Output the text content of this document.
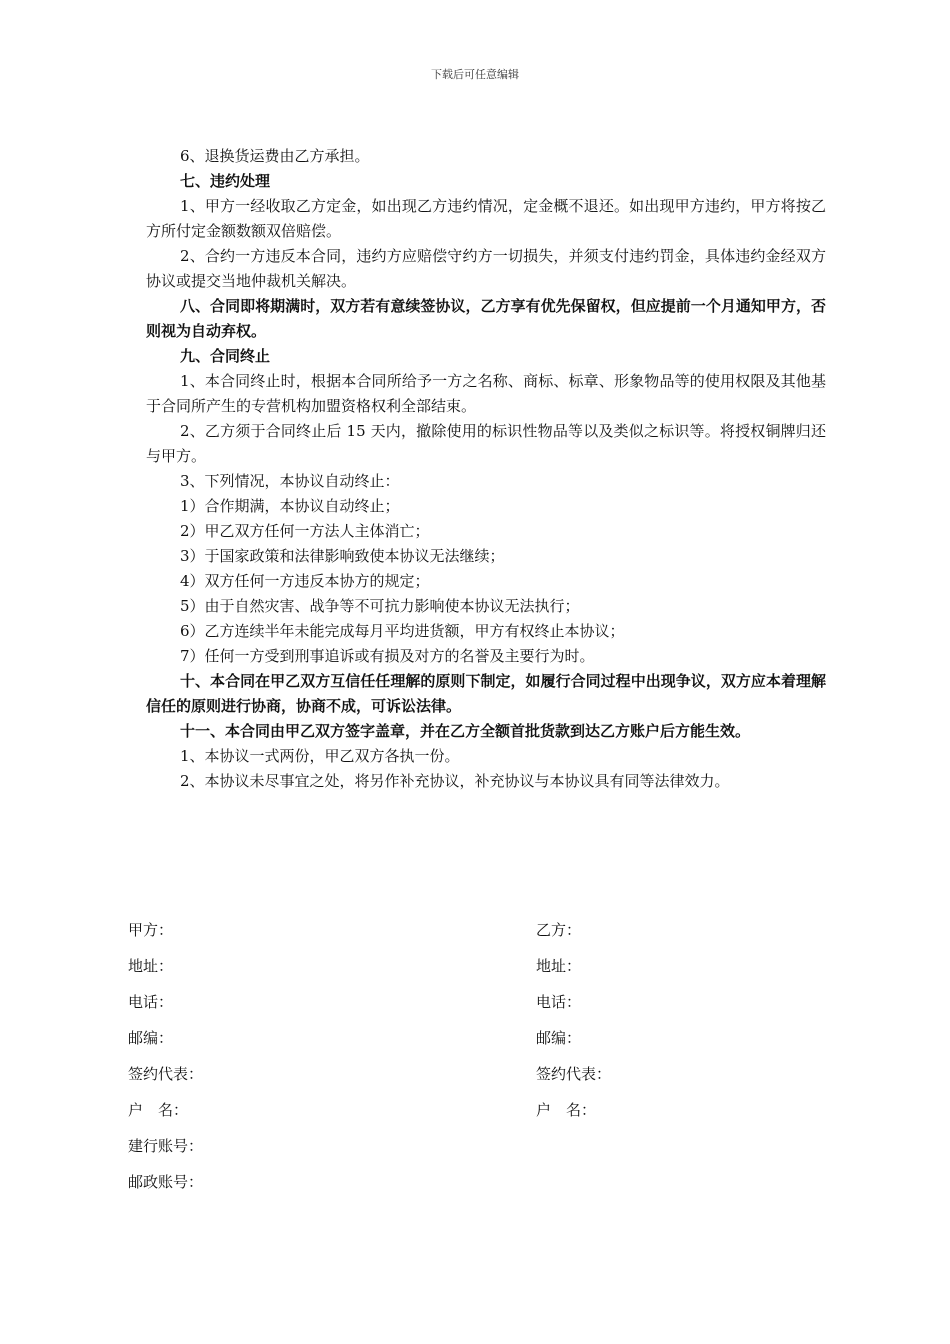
下载后可任意编辑

6、退换货运费由乙方承担。

七、违约处理

1、甲方一经收取乙方定金，如出现乙方违约情况，定金概不退还。如出现甲方违约，甲方将按乙方所付定金额数额双倍赔偿。

2、合约一方违反本合同，违约方应赔偿守约方一切损失，并须支付违约罚金，具体违约金经双方协议或提交当地仲裁机关解决。

八、合同即将期满时，双方若有意续签协议，乙方享有优先保留权，但应提前一个月通知甲方，否则视为自动弃权。

九、合同终止

1、本合同终止时，根据本合同所给予一方之名称、商标、标章、形象物品等的使用权限及其他基于合同所产生的专营机构加盟资格权利全部结束。

2、乙方须于合同终止后 15 天内，撤除使用的标识性物品等以及类似之标识等。将授权铜牌归还与甲方。

3、下列情况，本协议自动终止：

1）合作期满，本协议自动终止；

2）甲乙双方任何一方法人主体消亡；

3）于国家政策和法律影响致使本协议无法继续；

4）双方任何一方违反本协方的规定；

5）由于自然灾害、战争等不可抗力影响使本协议无法执行；

6）乙方连续半年未能完成每月平均进货额，甲方有权终止本协议；

7）任何一方受到刑事追诉或有损及对方的名誉及主要行为时。

十、本合同在甲乙双方互信任任理解的原则下制定，如履行合同过程中出现争议，双方应本着理解信任的原则进行协商，协商不成，可诉讼法律。

十一、本合同由甲乙双方签字盖章，并在乙方全额首批货款到达乙方账户后方能生效。

1、本协议一式两份，甲乙双方各执一份。

2、本协议未尽事宜之处，将另作补充协议，补充协议与本协议具有同等法律效力。

甲方：	乙方：
地址：	地址：
电话：	电话：
邮编：	邮编：
签约代表：	签约代表：
户　名：	户　名：
建行账号：
邮政账号：
